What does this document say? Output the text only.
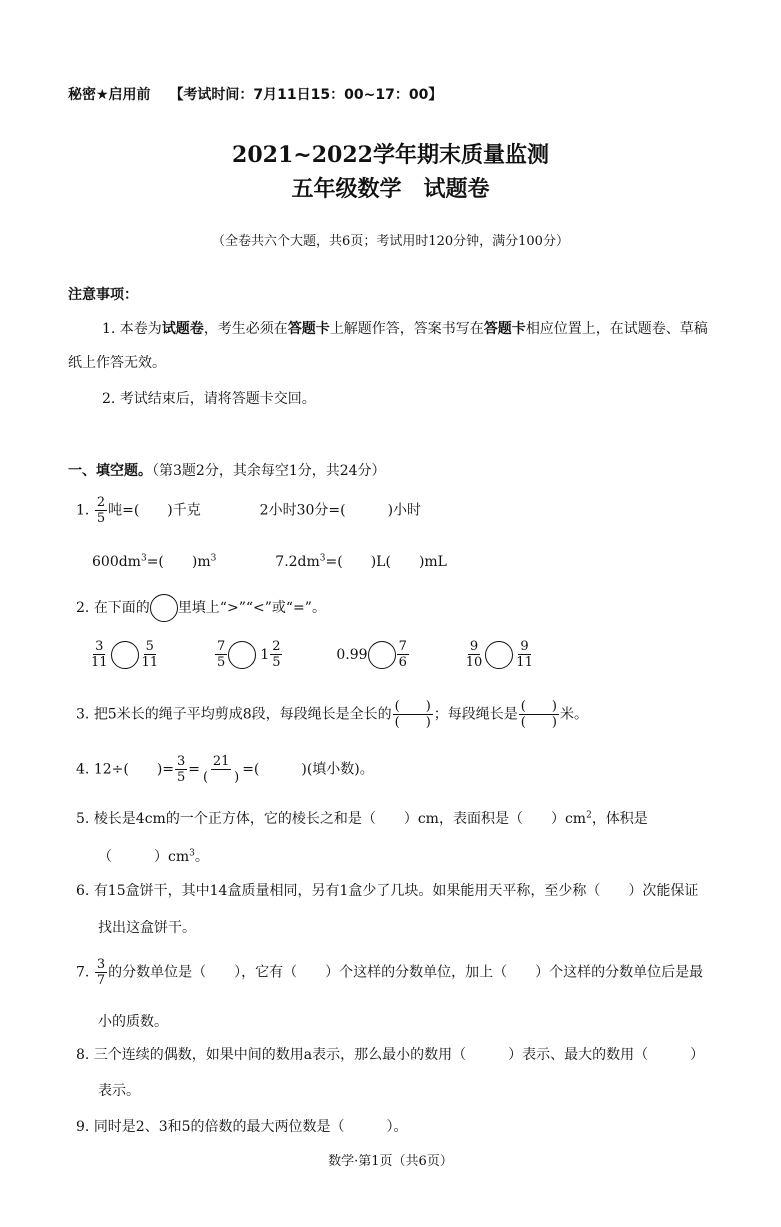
秘密★启用前 【考试时间：7月11日15：00~17：00】
2021~2022学年期末质量监测
五年级数学　试题卷
（全卷共六个大题，共6页；考试用时120分钟，满分100分）
注意事项：
1. 本卷为试题卷，考生必须在答题卡上解题作答，答案书写在答题卡相应位置上，在试题卷、草稿
纸上作答无效。
2. 考试结束后，请将答题卡交回。
一、填空题。（第3题2分，其余每空1分，共24分）
1. $\frac{2}{5}$ 吨=(　　)千克	2小时30分=(　　　)小时
$600dm^3=$(　　)$m^3$	$7.2dm^3=$(　　)L(　　)mL
2. 在下面的 里填上“>”“<”或“=”。
$\frac{3}{11} \frac{5}{11}$
	$\frac{7}{5} 1 \frac{2}{5}$	$0.99 \frac{7}{6}$
	$\frac{9}{10} \frac{9}{11}$
3. 把5米长的绳子平均剪成8段，每段绳长是全长的 $\frac{( )}{( )}$ ；每段绳长是 $\frac{( )}{( )}$ 米。
4. 12÷(　　)= $\frac{3}{5} = \frac{21}{( )}$ =(　　　)(填小数)。
5. 棱长是4cm的一个正方体，它的棱长之和是（　　）cm，表面积是（　　）$cm^2$，体积是
（　　　）$cm^3$。
6. 有15盒饼干，其中14盒质量相同，另有1盒少了几块。如果能用天平称，至少称（　　）次能保证
找出这盒饼干。
7. $\frac{3}{7}$ 的分数单位是（　　），它有（　　）个这样的分数单位，加上（　　）个这样的分数单位后是最
小的质数。
8. 三个连续的偶数，如果中间的数用a表示，那么最小的数用（　　　）表示、最大的数用（　　　）
表示。
9. 同时是2、3和5的倍数的最大两位数是（　　　）。
数学·第1页（共6页）
